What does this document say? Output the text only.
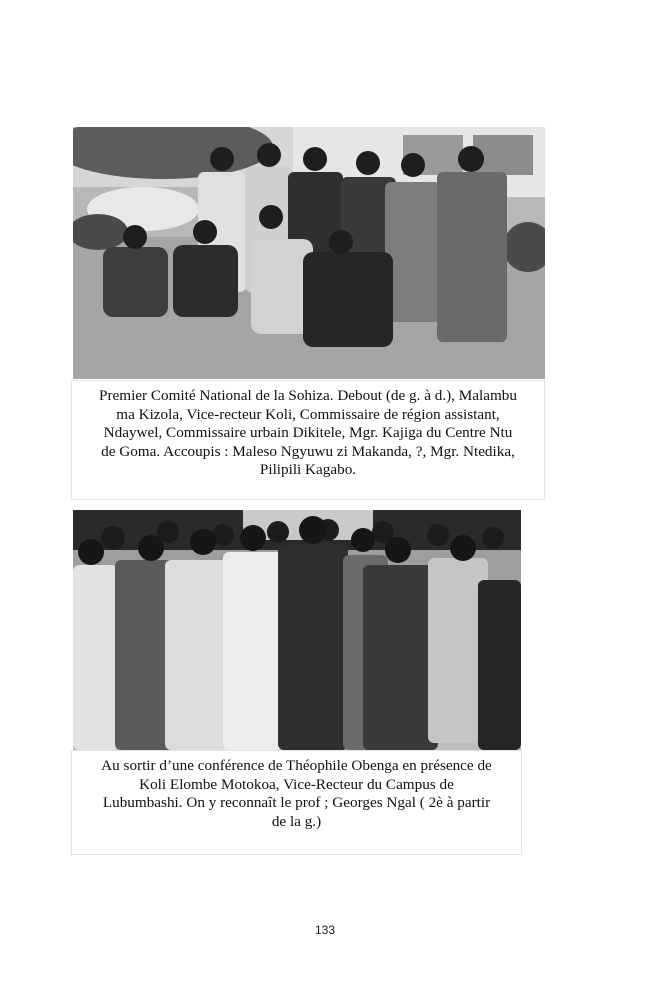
Premier Comité National de la Sohiza. Debout (de g. à d.), Malambu
ma Kizola, Vice-recteur Koli, Commissaire de région assistant,
Ndaywel, Commissaire urbain Dikitele, Mgr. Kajiga du Centre Ntu
de Goma. Accoupis : Maleso Ngyuwu zi Makanda, ?, Mgr. Ntedika,
Pilipili Kagabo.
Au sortir d’une conférence de Théophile Obenga en présence de
Koli Elombe Motokoa, Vice-Recteur du Campus de
Lubumbashi. On y reconnaît le prof ; Georges Ngal ( 2è à partir
de la g.)
133
